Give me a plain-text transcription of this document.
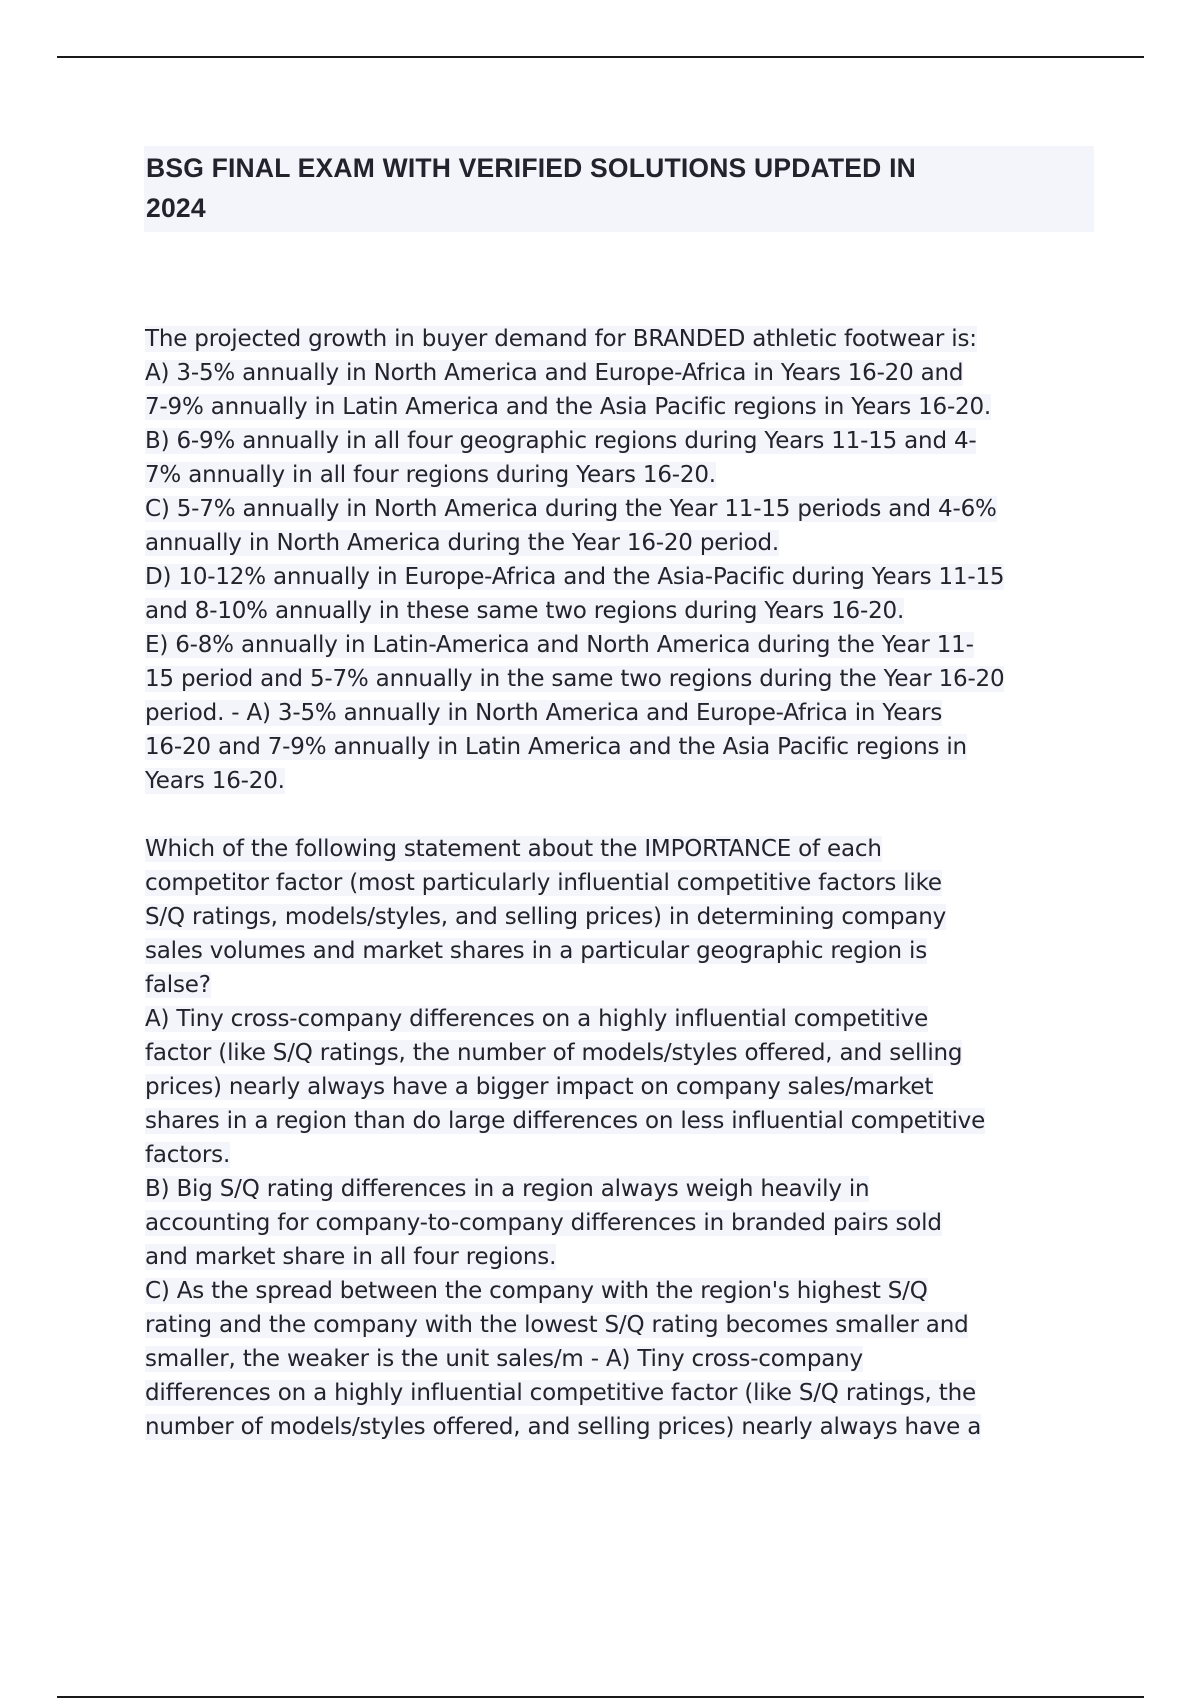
BSG FINAL EXAM WITH VERIFIED SOLUTIONS UPDATED IN
2024
The projected growth in buyer demand for BRANDED athletic footwear is:
A) 3-5% annually in North America and Europe-Africa in Years 16-20 and
7-9% annually in Latin America and the Asia Pacific regions in Years 16-20.
B) 6-9% annually in all four geographic regions during Years 11-15 and 4-
7% annually in all four regions during Years 16-20.
C) 5-7% annually in North America during the Year 11-15 periods and 4-6%
annually in North America during the Year 16-20 period.
D) 10-12% annually in Europe-Africa and the Asia-Pacific during Years 11-15
and 8-10% annually in these same two regions during Years 16-20.
E) 6-8% annually in Latin-America and North America during the Year 11-
15 period and 5-7% annually in the same two regions during the Year 16-20
period. - A) 3-5% annually in North America and Europe-Africa in Years
16-20 and 7-9% annually in Latin America and the Asia Pacific regions in
Years 16-20.
Which of the following statement about the IMPORTANCE of each
competitor factor (most particularly influential competitive factors like
S/Q ratings, models/styles, and selling prices) in determining company
sales volumes and market shares in a particular geographic region is
false?
A) Tiny cross-company differences on a highly influential competitive
factor (like S/Q ratings, the number of models/styles offered, and selling
prices) nearly always have a bigger impact on company sales/market
shares in a region than do large differences on less influential competitive
factors.
B) Big S/Q rating differences in a region always weigh heavily in
accounting for company-to-company differences in branded pairs sold
and market share in all four regions.
C) As the spread between the company with the region's highest S/Q
rating and the company with the lowest S/Q rating becomes smaller and
smaller, the weaker is the unit sales/m - A) Tiny cross-company
differences on a highly influential competitive factor (like S/Q ratings, the
number of models/styles offered, and selling prices) nearly always have a
